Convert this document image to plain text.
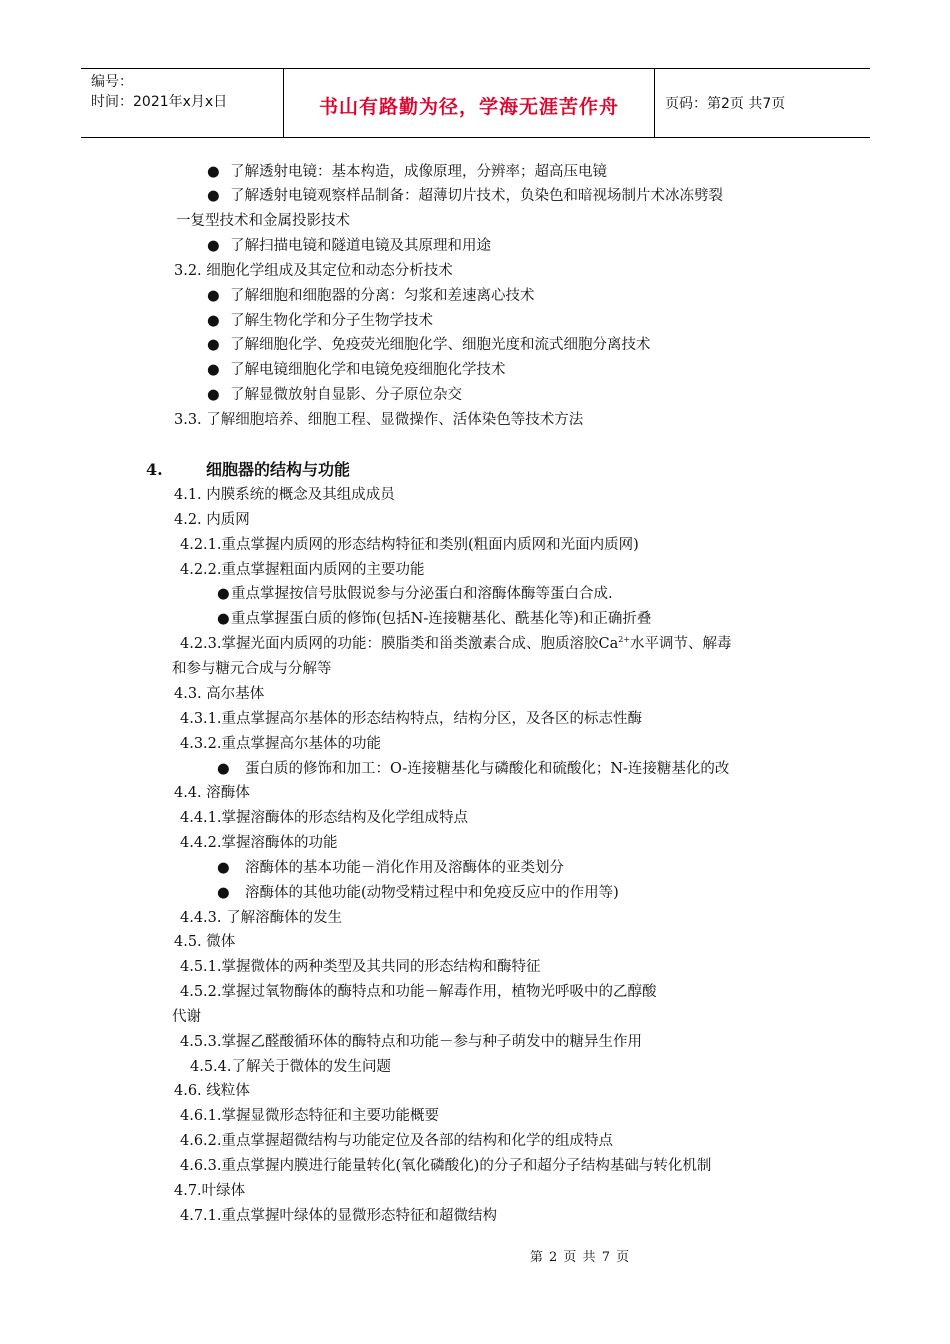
编号：
时间：2021年x月x日	书山有路勤为径，学海无涯苦作舟	页码：第2页 共7页
● 了解透射电镜：基本构造，成像原理，分辨率；超高压电镜
● 了解透射电镜观察样品制备：超薄切片技术，负染色和暗视场制片术冰冻劈裂
一复型技术和金属投影技术
● 了解扫描电镜和隧道电镜及其原理和用途
3.2. 细胞化学组成及其定位和动态分析技术
● 了解细胞和细胞器的分离：匀浆和差速离心技术
● 了解生物化学和分子生物学技术
● 了解细胞化学、免疫荧光细胞化学、细胞光度和流式细胞分离技术
● 了解电镜细胞化学和电镜免疫细胞化学技术
● 了解显微放射自显影、分子原位杂交
3.3. 了解细胞培养、细胞工程、显微操作、活体染色等技术方法
4.	细胞器的结构与功能
4.1. 内膜系统的概念及其组成成员
4.2. 内质网
4.2.1.重点掌握内质网的形态结构特征和类别(粗面内质网和光面内质网)
4.2.2.重点掌握粗面内质网的主要功能
● 重点掌握按信号肽假说参与分泌蛋白和溶酶体酶等蛋白合成.
● 重点掌握蛋白质的修饰(包括N-连接糖基化、酰基化等)和正确折叠
4.2.3.掌握光面内质网的功能：膜脂类和甾类激素合成、胞质溶胶$Ca^{2+}$水平调节、解毒
和参与糖元合成与分解等
4.3. 高尔基体
4.3.1.重点掌握高尔基体的形态结构特点，结构分区，及各区的标志性酶
4.3.2.重点掌握高尔基体的功能
● 蛋白质的修饰和加工：O-连接糖基化与磷酸化和硫酸化；N-连接糖基化的改
4.4. 溶酶体
4.4.1.掌握溶酶体的形态结构及化学组成特点
4.4.2.掌握溶酶体的功能
● 溶酶体的基本功能－消化作用及溶酶体的亚类划分
● 溶酶体的其他功能(动物受精过程中和免疫反应中的作用等)
4.4.3. 了解溶酶体的发生
4.5. 微体
4.5.1.掌握微体的两种类型及其共同的形态结构和酶特征
4.5.2.掌握过氧物酶体的酶特点和功能－解毒作用，植物光呼吸中的乙醇酸
代谢
4.5.3.掌握乙醛酸循环体的酶特点和功能－参与种子萌发中的糖异生作用
4.5.4.了解关于微体的发生问题
4.6. 线粒体
4.6.1.掌握显微形态特征和主要功能概要
4.6.2.重点掌握超微结构与功能定位及各部的结构和化学的组成特点
4.6.3.重点掌握内膜进行能量转化(氧化磷酸化)的分子和超分子结构基础与转化机制
4.7.叶绿体
4.7.1.重点掌握叶绿体的显微形态特征和超微结构
第 2 页 共 7 页
